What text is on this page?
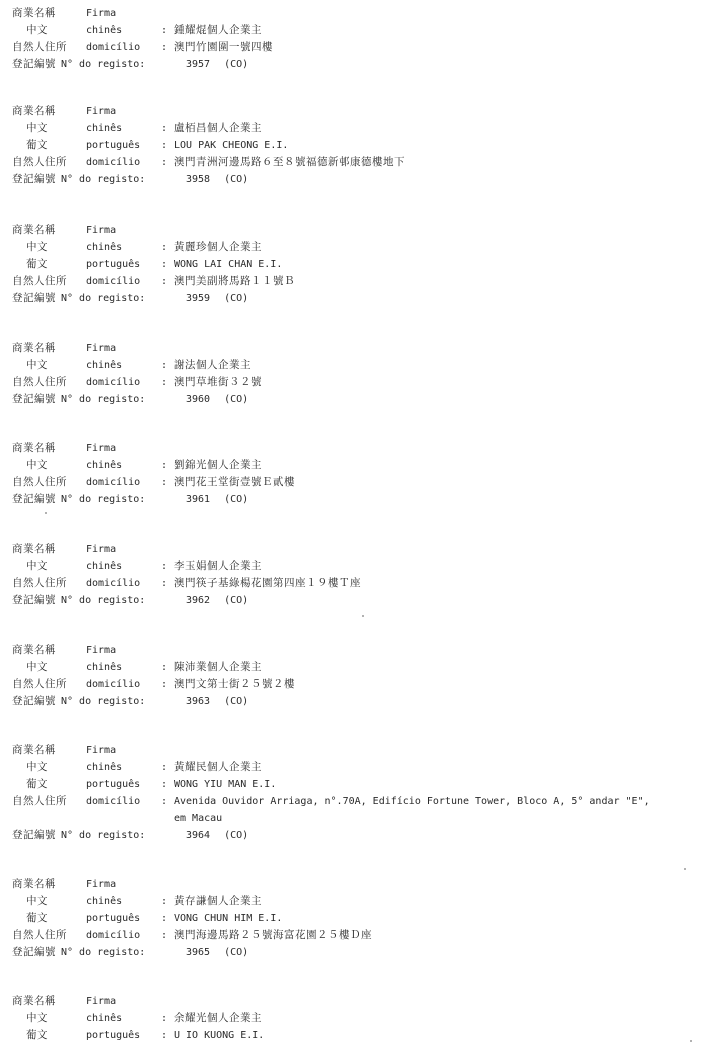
商業名稱	Firma
中文	chinês	: 鍾耀焜個人企業主
自然人住所 domicílio : 澳門竹園圍一號四樓
登記編號 N° do registo:	3957 (CO)
商業名稱	Firma
中文	chinês	: 盧栢昌個人企業主
葡文	português : LOU PAK CHEONG E.I.
自然人住所 domicílio : 澳門青洲河邊馬路６至８號福德新邨康德樓地下
登記編號 N° do registo:	3958 (CO)
商業名稱	Firma
中文	chinês	: 黃麗珍個人企業主
葡文	português : WONG LAI CHAN E.I.
自然人住所 domicílio : 澳門美副將馬路１１號Ｂ
登記編號 N° do registo:	3959 (CO)
商業名稱	Firma
中文	chinês	: 謝法個人企業主
自然人住所 domicílio : 澳門草堆街３２號
登記編號 N° do registo:	3960 (CO)
商業名稱	Firma
中文	chinês	: 劉錦光個人企業主
自然人住所 domicílio : 澳門花王堂街壹號Ｅ貳樓
登記編號 N° do registo:	3961 (CO)
商業名稱	Firma
中文	chinês	: 李玉娟個人企業主
自然人住所 domicílio : 澳門筷子基綠楊花園第四座１９樓Ｔ座
登記編號 N° do registo:	3962 (CO)
商業名稱	Firma
中文	chinês	: 陳沛業個人企業主
自然人住所 domicílio : 澳門文第士街２５號２樓
登記編號 N° do registo:	3963 (CO)
商業名稱	Firma
中文	chinês	: 黃耀民個人企業主
葡文	português : WONG YIU MAN E.I.
自然人住所 domicílio : Avenida Ouvidor Arriaga, n°.70A, Edifício Fortune Tower, Bloco A, 5° andar "E",
em Macau
登記編號 N° do registo:	3964 (CO)
商業名稱	Firma
中文	chinês	: 黃存謙個人企業主
葡文	português : VONG CHUN HIM E.I.
自然人住所 domicílio : 澳門海邊馬路２５號海富花園２５樓Ｄ座
登記編號 N° do registo:	3965 (CO)
商業名稱	Firma
中文	chinês	: 余耀光個人企業主
葡文	português : U IO KUONG E.I.
